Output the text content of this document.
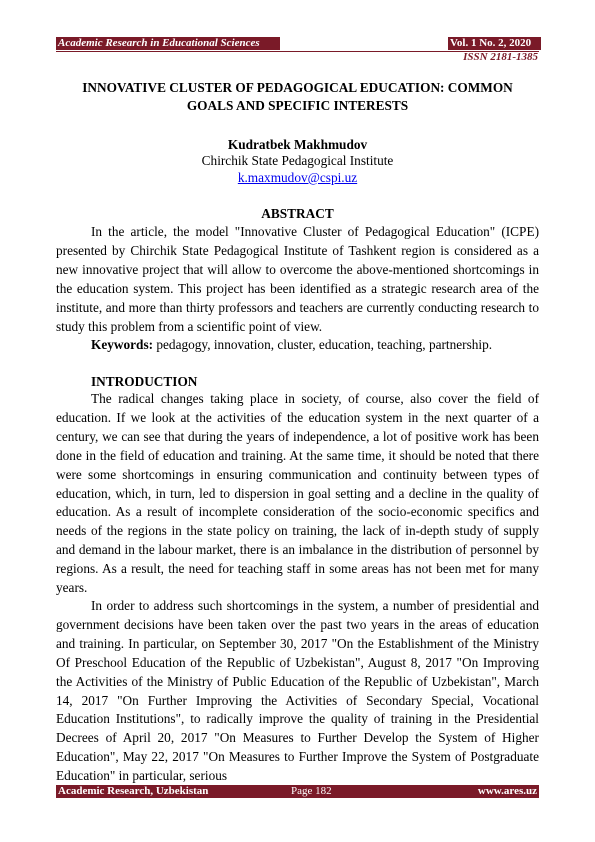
Academic Research in Educational Sciences	Vol. 1 No. 2, 2020
ISSN 2181-1385
INNOVATIVE CLUSTER OF PEDAGOGICAL EDUCATION: COMMON GOALS AND SPECIFIC INTERESTS
Kudratbek Makhmudov
Chirchik State Pedagogical Institute
k.maxmudov@cspi.uz
ABSTRACT
In the article, the model "Innovative Cluster of Pedagogical Education" (ICPE) presented by Chirchik State Pedagogical Institute of Tashkent region is considered as a new innovative project that will allow to overcome the above-mentioned shortcomings in the education system. This project has been identified as a strategic research area of the institute, and more than thirty professors and teachers are currently conducting research to study this problem from a scientific point of view.
Keywords: pedagogy, innovation, cluster, education, teaching, partnership.
INTRODUCTION
The radical changes taking place in society, of course, also cover the field of education. If we look at the activities of the education system in the next quarter of a century, we can see that during the years of independence, a lot of positive work has been done in the field of education and training. At the same time, it should be noted that there were some shortcomings in ensuring communication and continuity between types of education, which, in turn, led to dispersion in goal setting and a decline in the quality of education. As a result of incomplete consideration of the socio-economic specifics and needs of the regions in the state policy on training, the lack of in-depth study of supply and demand in the labour market, there is an imbalance in the distribution of personnel by regions. As a result, the need for teaching staff in some areas has not been met for many years.
In order to address such shortcomings in the system, a number of presidential and government decisions have been taken over the past two years in the areas of education and training. In particular, on September 30, 2017 "On the Establishment of the Ministry Of Preschool Education of the Republic of Uzbekistan", August 8, 2017 "On Improving the Activities of the Ministry of Public Education of the Republic of Uzbekistan", March 14, 2017 "On Further Improving the Activities of Secondary Special, Vocational Education Institutions", to radically improve the quality of training in the Presidential Decrees of April 20, 2017 "On Measures to Further Develop the System of Higher Education", May 22, 2017 "On Measures to Further Improve the System of Postgraduate Education" in particular, serious
Academic Research, Uzbekistan	Page 182	www.ares.uz
